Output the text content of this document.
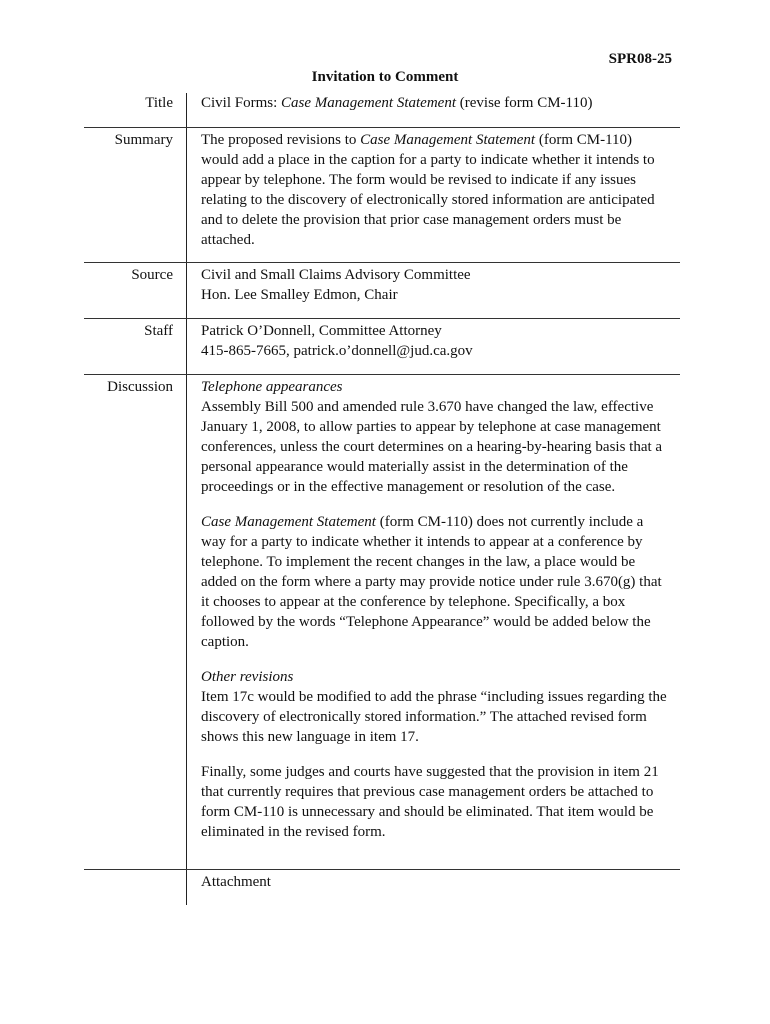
SPR08-25
Invitation to Comment
Title Civil Forms: Case Management Statement (revise form CM-110)
Summary The proposed revisions to Case Management Statement (form CM-110) would add a place in the caption for a party to indicate whether it intends to appear by telephone. The form would be revised to indicate if any issues relating to the discovery of electronically stored information are anticipated and to delete the provision that prior case management orders must be attached.

Source Civil and Small Claims Advisory Committee

Hon. Lee Smalley Edmon, Chair

Staff Patrick O’Donnell, Committee Attorney

415-865-7665, patrick.o’donnell@jud.ca.gov

Discussion Telephone appearances

Assembly Bill 500 and amended rule 3.670 have changed the law, effective January 1, 2008, to allow parties to appear by telephone at case management conferences, unless the court determines on a hearing-by-hearing basis that a personal appearance would materially assist in the determination of the proceedings or in the effective management or resolution of the case.

Case Management Statement (form CM-110) does not currently include a way for a party to indicate whether it intends to appear at a conference by telephone. To implement the recent changes in the law, a place would be added on the form where a party may provide notice under rule 3.670(g) that it chooses to appear at the conference by telephone. Specifically, a box followed by the words “Telephone Appearance” would be added below the caption.

Other revisions

Item 17c would be modified to add the phrase “including issues regarding the discovery of electronically stored information.” The attached revised form shows this new language in item 17.

Finally, some judges and courts have suggested that the provision in item 21 that currently requires that previous case management orders be attached to form CM-110 is unnecessary and should be eliminated. That item would be eliminated in the revised form.

Attachment
